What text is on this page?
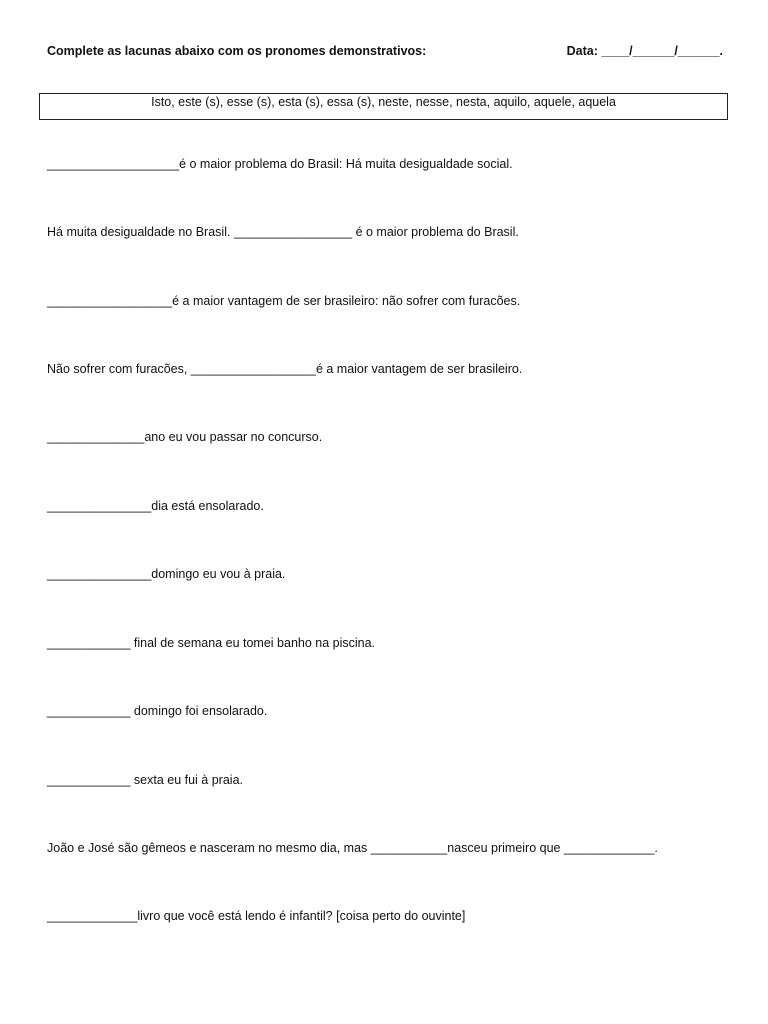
Complete as lacunas abaixo com os pronomes demonstrativos:	Data: ____/______/______.
Isto, este (s), esse (s), esta (s), essa (s), neste, nesse, nesta, aquilo, aquele, aquela
___________________é o maior problema do Brasil: Há muita desigualdade social.
Há muita desigualdade no Brasil. _________________ é o maior problema do Brasil.
__________________é a maior vantagem de ser brasileiro: não sofrer com furacões.
Não sofrer com furacões, __________________é a maior vantagem de ser brasileiro.
______________ano eu vou passar no concurso.
_______________dia está ensolarado.
_______________domingo eu vou à praia.
____________ final de semana eu tomei banho na piscina.
____________ domingo foi ensolarado.
____________ sexta eu fui à praia.
João e José são gêmeos e nasceram no mesmo dia, mas ___________nasceu primeiro que _____________.
_____________livro que você está lendo é infantil? [coisa perto do ouvinte]
